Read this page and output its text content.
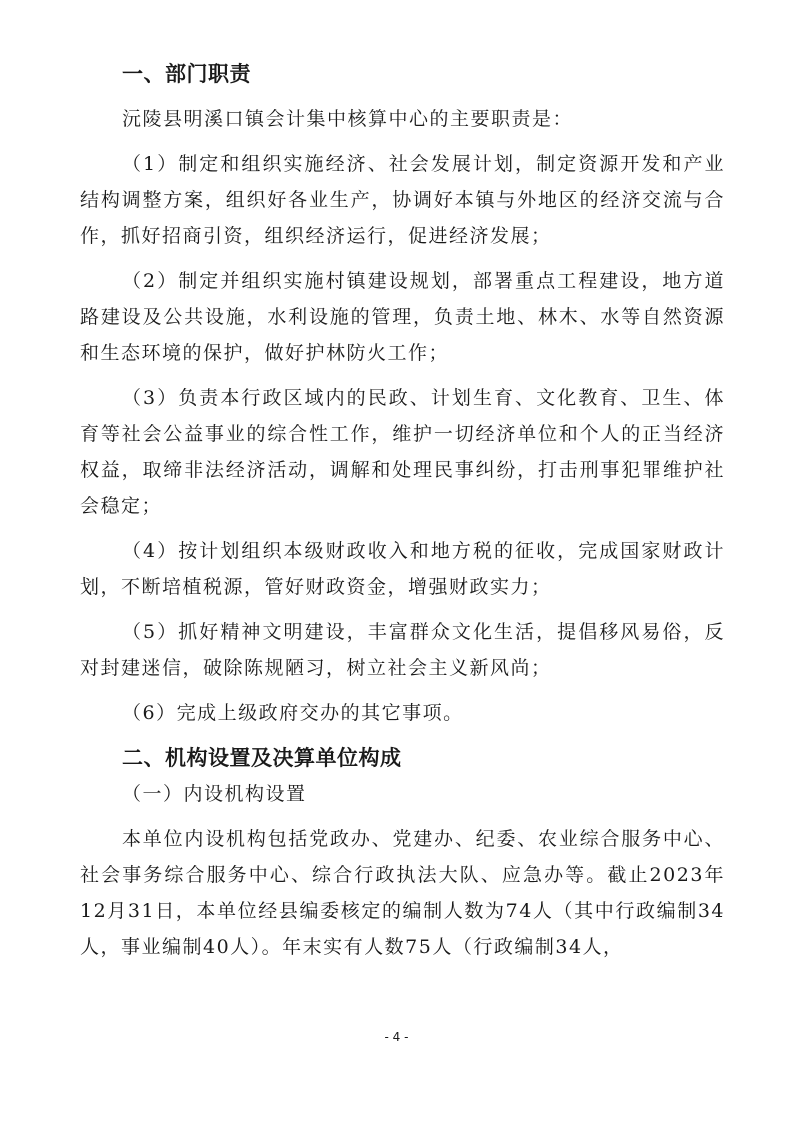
一、部门职责

沅陵县明溪口镇会计集中核算中心的主要职责是：

（1）制定和组织实施经济、社会发展计划，制定资源开发和产业结构调整方案，组织好各业生产，协调好本镇与外地区的经济交流与合作，抓好招商引资，组织经济运行，促进经济发展；

（2）制定并组织实施村镇建设规划，部署重点工程建设，地方道路建设及公共设施，水利设施的管理，负责土地、林木、水等自然资源和生态环境的保护，做好护林防火工作；

（3）负责本行政区域内的民政、计划生育、文化教育、卫生、体育等社会公益事业的综合性工作，维护一切经济单位和个人的正当经济权益，取缔非法经济活动，调解和处理民事纠纷，打击刑事犯罪维护社会稳定；

（4）按计划组织本级财政收入和地方税的征收，完成国家财政计划，不断培植税源，管好财政资金，增强财政实力；

（5）抓好精神文明建设，丰富群众文化生活，提倡移风易俗，反对封建迷信，破除陈规陋习，树立社会主义新风尚；

（6）完成上级政府交办的其它事项。

二、机构设置及决算单位构成

（一）内设机构设置

本单位内设机构包括党政办、党建办、纪委、农业综合服务中心、社会事务综合服务中心、综合行政执法大队、应急办等。截止2023年12月31日，本单位经县编委核定的编制人数为74人（其中行政编制34人，事业编制40人）。年末实有人数75人（行政编制34人，

- 4 -
